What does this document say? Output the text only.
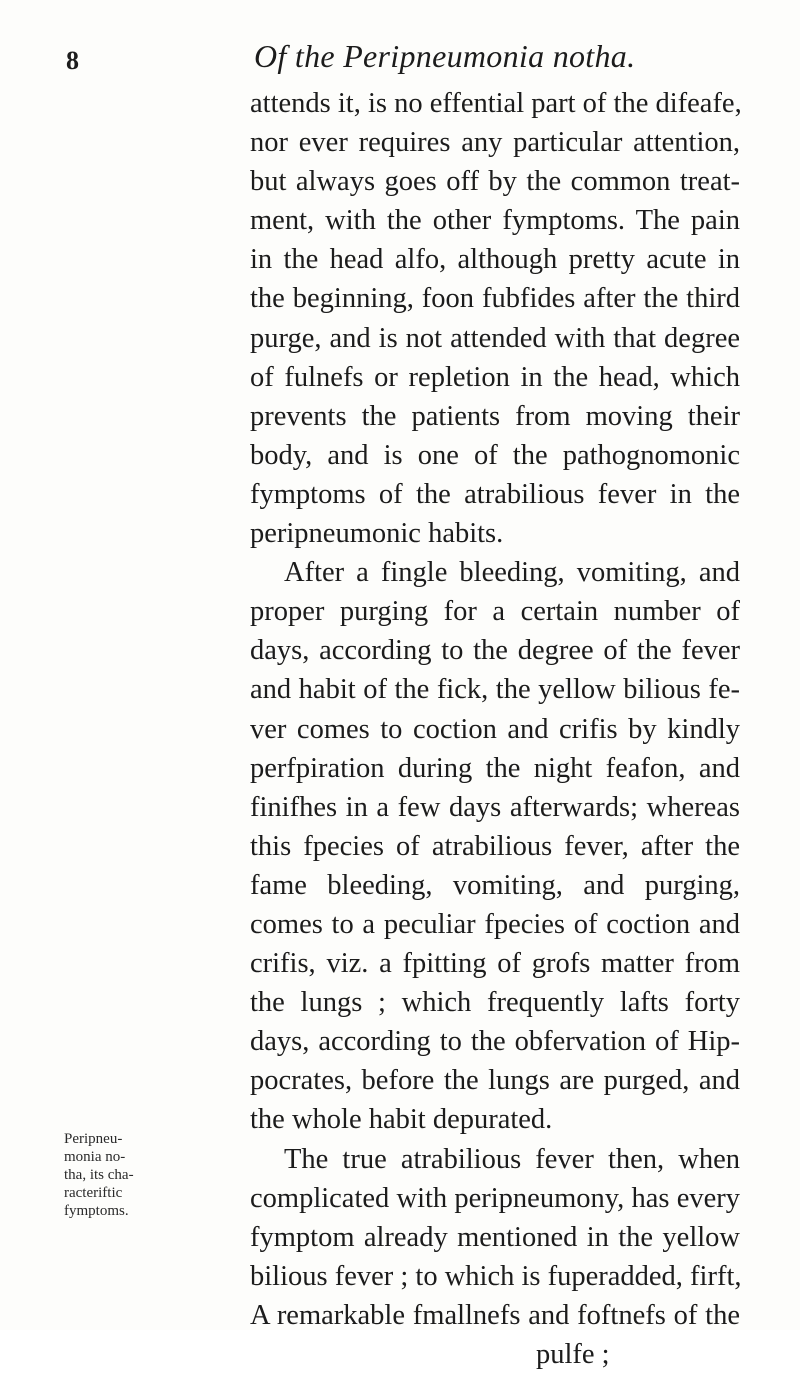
8	Of the Peripneumonia notha.
attends it, is no effential part of the difeafe,
nor ever requires any particular attention,
but always goes off by the common treat-
ment, with the other fymptoms. The pain
in the head alfo, although pretty acute in
the beginning, foon fubfides after the third
purge, and is not attended with that degree
of fulnefs or repletion in the head, which
prevents the patients from moving their
body, and is one of the pathognomonic
fymptoms of the atrabilious fever in the
peripneumonic habits.
After a fingle bleeding, vomiting, and
proper purging for a certain number of
days, according to the degree of the fever
and habit of the fick, the yellow bilious fe-
ver comes to coction and crifis by kindly
perfpiration during the night feafon, and
finifhes in a few days afterwards; whereas
this fpecies of atrabilious fever, after the
fame bleeding, vomiting, and purging,
comes to a peculiar fpecies of coction and
crifis, viz. a fpitting of grofs matter from
the lungs ; which frequently lafts forty
days, according to the obfervation of Hip-
pocrates, before the lungs are purged, and
the whole habit depurated.
The true atrabilious fever then, when
complicated with peripneumony, has every
fymptom already mentioned in the yellow
bilious fever ; to which is fuperadded, firft,
A remarkable fmallnefs and foftnefs of the
pulfe ;
Peripneu-
monia no-
tha, its cha-
racteriftic
fymptoms.
